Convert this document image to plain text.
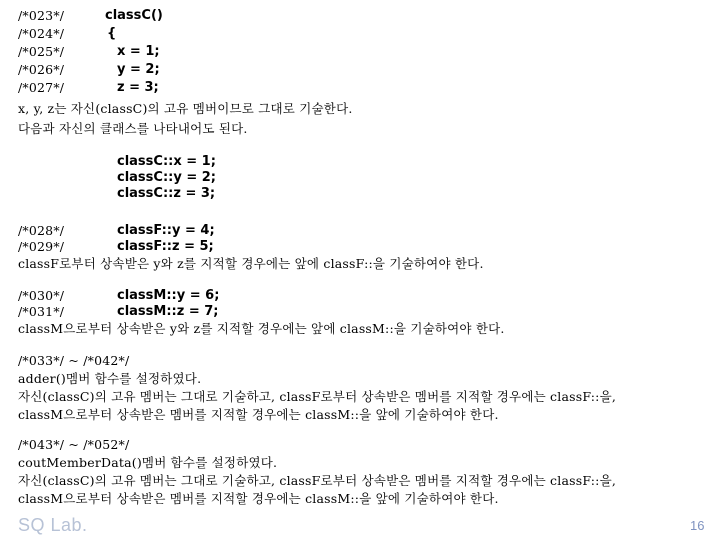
/*023*/	classC()
/*024*/	{
/*025*/	x = 1;
/*026*/	y = 2;
/*027*/	z = 3;
x, y, z는 자신(classC)의 고유 멤버이므로 그대로 기술한다.
다음과 자신의 클래스를 나타내어도 된다.
classC::x = 1;
classC::y = 2;
classC::z = 3;
/*028*/	classF::y = 4;
/*029*/	classF::z = 5;
classF로부터 상속받은 y와 z를 지적할 경우에는 앞에 classF::을 기술하여야 한다.
/*030*/	classM::y = 6;
/*031*/	classM::z = 7;
classM으로부터 상속받은 y와 z를 지적할 경우에는 앞에 classM::을 기술하여야 한다.
/*033*/ ~ /*042*/
adder()멤버 함수를 설정하였다.
자신(classC)의 고유 멤버는 그대로 기술하고, classF로부터 상속받은 멤버를 지적할 경우에는 classF::을,
classM으로부터 상속받은 멤버를 지적할 경우에는 classM::을 앞에 기술하여야 한다.
/*043*/ ~ /*052*/
coutMemberData()멤버 함수를 설정하였다.
자신(classC)의 고유 멤버는 그대로 기술하고, classF로부터 상속받은 멤버를 지적할 경우에는 classF::을,
classM으로부터 상속받은 멤버를 지적할 경우에는 classM::을 앞에 기술하여야 한다.
SQ Lab.	16
